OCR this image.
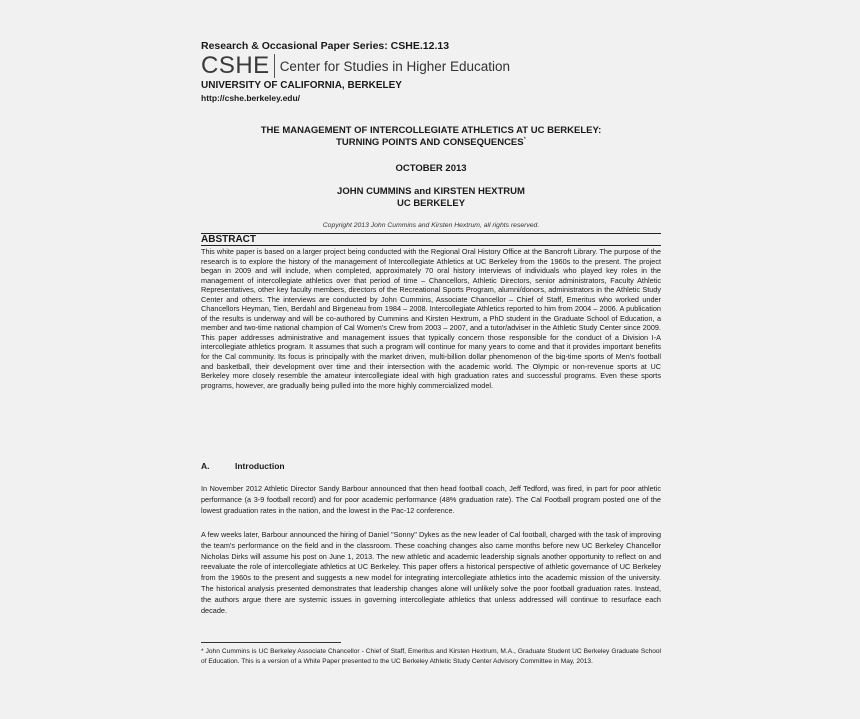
Research & Occasional Paper Series: CSHE.12.13
CSHE Center for Studies in Higher Education
UNIVERSITY OF CALIFORNIA, BERKELEY
http://cshe.berkeley.edu/
THE MANAGEMENT OF INTERCOLLEGIATE ATHLETICS AT UC BERKELEY:
TURNING POINTS AND CONSEQUENCES*
OCTOBER 2013
JOHN CUMMINS and KIRSTEN HEXTRUM
UC BERKELEY
Copyright 2013 John Cummins and Kirsten Hextrum, all rights reserved.
ABSTRACT
This white paper is based on a larger project being conducted with the Regional Oral History Office at the Bancroft Library. The purpose of the research is to explore the history of the management of Intercollegiate Athletics at UC Berkeley from the 1960s to the present. The project began in 2009 and will include, when completed, approximately 70 oral history interviews of individuals who played key roles in the management of intercollegiate athletics over that period of time – Chancellors, Athletic Directors, senior administrators, Faculty Athletic Representatives, other key faculty members, directors of the Recreational Sports Program, alumni/donors, administrators in the Athletic Study Center and others. The interviews are conducted by John Cummins, Associate Chancellor – Chief of Staff, Emeritus who worked under Chancellors Heyman, Tien, Berdahl and Birgeneau from 1984 – 2008. Intercollegiate Athletics reported to him from 2004 – 2006. A publication of the results is underway and will be co-authored by Cummins and Kirsten Hextrum, a PhD student in the Graduate School of Education, a member and two-time national champion of Cal Women's Crew from 2003 – 2007, and a tutor/adviser in the Athletic Study Center since 2009. This paper addresses administrative and management issues that typically concern those responsible for the conduct of a Division I-A intercollegiate athletics program. It assumes that such a program will continue for many years to come and that it provides important benefits for the Cal community. Its focus is principally with the market driven, multi-billion dollar phenomenon of the big-time sports of Men's football and basketball, their development over time and their intersection with the academic world. The Olympic or non-revenue sports at UC Berkeley more closely resemble the amateur intercollegiate ideal with high graduation rates and successful programs. Even these sports programs, however, are gradually being pulled into the more highly commercialized model.
A.	Introduction
In November 2012 Athletic Director Sandy Barbour announced that then head football coach, Jeff Tedford, was fired, in part for poor athletic performance (a 3-9 football record) and for poor academic performance (48% graduation rate). The Cal Football program posted one of the lowest graduation rates in the nation, and the lowest in the Pac-12 conference.
A few weeks later, Barbour announced the hiring of Daniel "Sonny" Dykes as the new leader of Cal football, charged with the task of improving the team's performance on the field and in the classroom. These coaching changes also came months before new UC Berkeley Chancellor Nicholas Dirks will assume his post on June 1, 2013. The new athletic and academic leadership signals another opportunity to reflect on and reevaluate the role of intercollegiate athletics at UC Berkeley. This paper offers a historical perspective of athletic governance of UC Berkeley from the 1960s to the present and suggests a new model for integrating intercollegiate athletics into the academic mission of the university. The historical analysis presented demonstrates that leadership changes alone will unlikely solve the poor football graduation rates. Instead, the authors argue there are systemic issues in governing intercollegiate athletics that unless addressed will continue to resurface each decade.
* John Cummins is UC Berkeley Associate Chancellor - Chief of Staff, Emeritus and Kirsten Hextrum, M.A., Graduate Student UC Berkeley Graduate School of Education. This is a version of a White Paper presented to the UC Berkeley Athletic Study Center Advisory Committee in May, 2013.
